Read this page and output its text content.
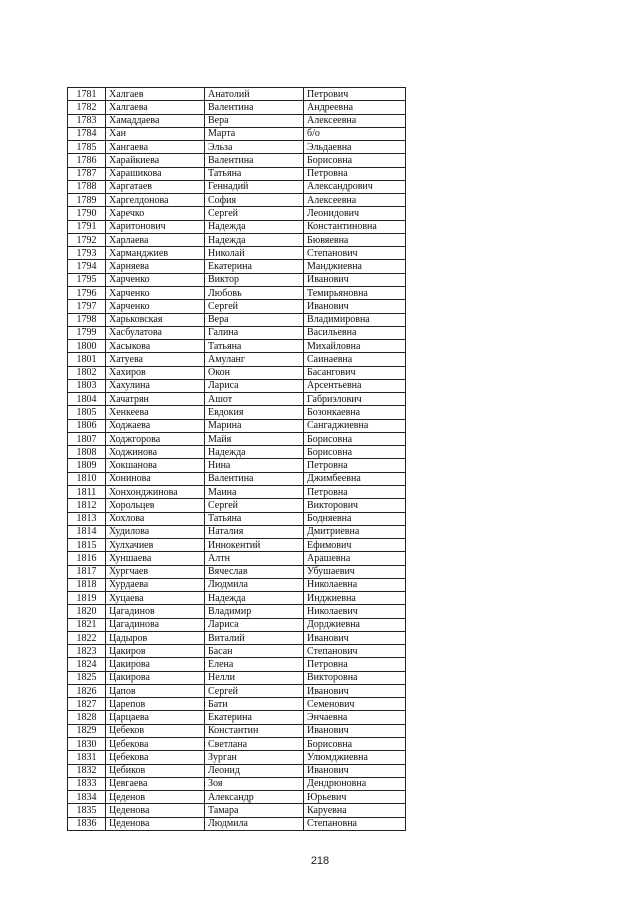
1781	Халгаев	Анатолий	Петрович
1782	Халгаева	Валентина	Андреевна
1783	Хамаддаева	Вера	Алексеевна
1784	Хан	Марта	б/о
1785	Хангаева	Эльза	Эльдаевна
1786	Харайкиева	Валентина	Борисовна
1787	Харашикова	Татьяна	Петровна
1788	Харгатаев	Геннадий	Александрович
1789	Харгелдонова	София	Алексеевна
1790	Харечко	Сергей	Леонидович
1791	Харитонович	Надежда	Константиновна
1792	Харлаева	Надежда	Бювяевна
1793	Харманджиев	Николай	Степанович
1794	Харняева	Екатерина	Манджиевна
1795	Харченко	Виктор	Иванович
1796	Харченко	Любовь	Темирьяновна
1797	Харченко	Сергей	Иванович
1798	Харьковская	Вера	Владимировна
1799	Хасбулатова	Галина	Васильевна
1800	Хасыкова	Татьяна	Михайловна
1801	Хатуева	Амуланг	Саинаевна
1802	Хахиров	Окон	Басангович
1803	Хахулина	Лариса	Арсентьевна
1804	Хачатрян	Ашот	Габриэлович
1805	Хенкеева	Евдокия	Бозонкаевна
1806	Ходжаева	Марина	Сангаджиевна
1807	Ходжгорова	Майя	Борисовна
1808	Ходжинова	Надежда	Борисовна
1809	Хокшанова	Нина	Петровна
1810	Хонинова	Валентина	Джимбеевна
1811	Хонхонджинова	Маина	Петровна
1812	Хорольцев	Сергей	Викторович
1813	Хохлова	Татьяна	Бодняевна
1814	Худилова	Наталия	Дмитриевна
1815	Хулхачиев	Иннокентий	Ефимович
1816	Хуншаева	Алтн	Арашевна
1817	Хургчаев	Вячеслав	Убушаевич
1818	Хурдаева	Людмила	Николаевна
1819	Хуцаева	Надежда	Инджиевна
1820	Цагадинов	Владимир	Николаевич
1821	Цагадинова	Лариса	Дорджиевна
1822	Цадыров	Виталий	Иванович
1823	Цакиров	Басан	Степанович
1824	Цакирова	Елена	Петровна
1825	Цакирова	Нелли	Викторовна
1826	Цапов	Сергей	Иванович
1827	Царепов	Бати	Семенович
1828	Царцаева	Екатерина	Энчаевна
1829	Цебеков	Константин	Иванович
1830	Цебекова	Светлана	Борисовна
1831	Цебекова	Зурган	Улюмджиевна
1832	Цебиков	Леонид	Иванович
1833	Цевгаева	Зоя	Дендрюновна
1834	Цеденов	Александр	Юрьевич
1835	Цеденова	Тамара	Каруевна
1836	Цеденова	Людмила	Степановна
218
